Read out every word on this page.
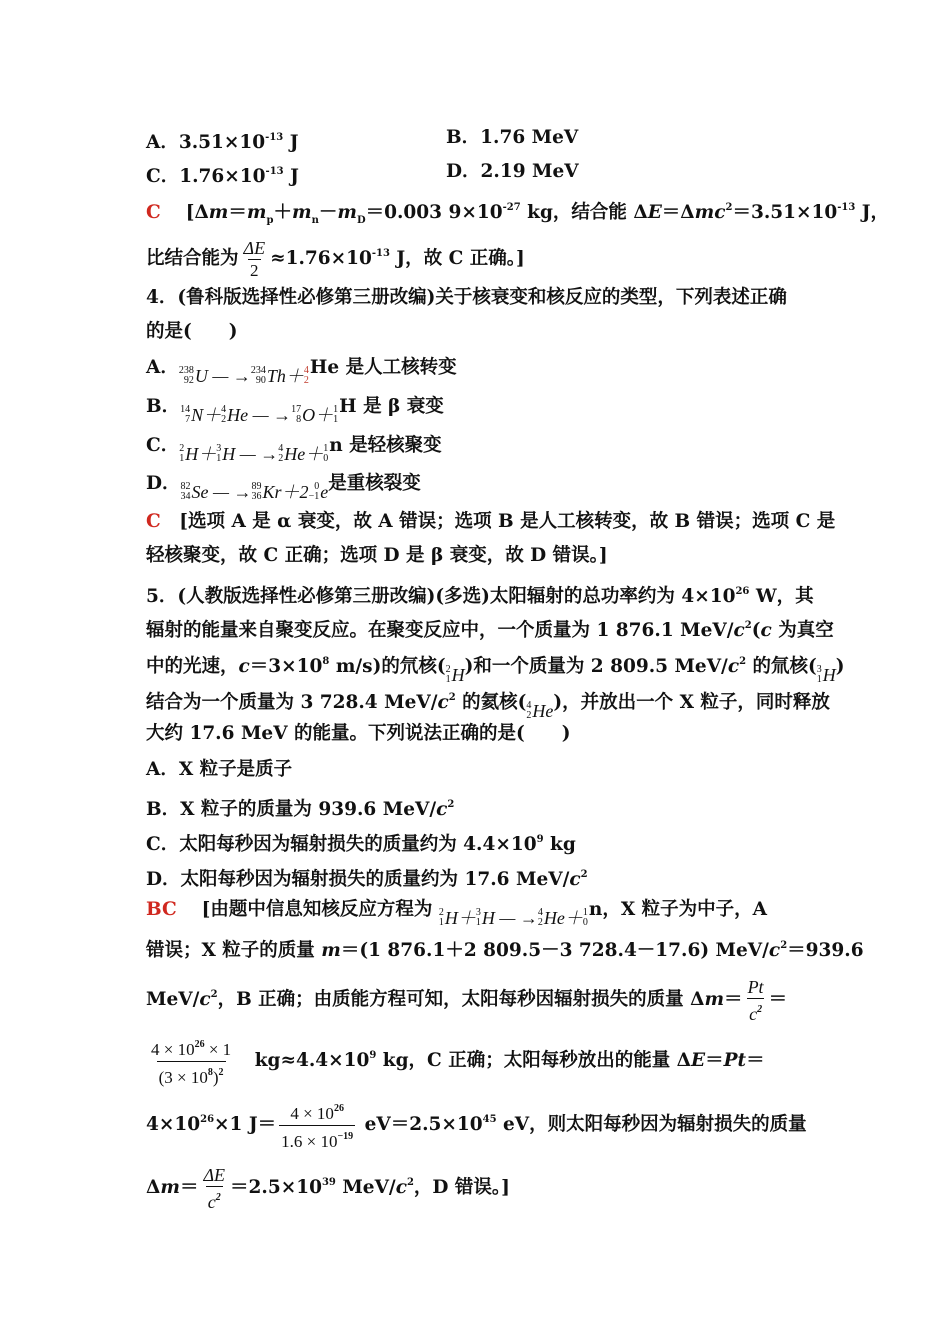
A．$3.51\times 10^{-13}$ J	B．1.76 MeV
C．$1.76\times 10^{-13}$ J	D．2.19 MeV
C 　[$\Delta m=m_p+m_n-m_D=0.003$ $9\times 10^{-27}$ kg，结合能 $\Delta E=\Delta mc^2=3.51\times 10^{-13}$ J，
比结合能为 $\frac{\Delta E}{2} \approx 1.76\times 10^{-13}$ J，故 C 正确。]
4．(鲁科版选择性必修第三册改编)关于核衰变和核反应的类型，下列表述正确
的是(　　)
A． 238
92 U — → 234
90 Th＋ 4
2
He 是人工核转变
B． 14
7 N＋ 4
2 He — → 17
8 O＋ 1
1
H 是 β 衰变
C． 2
1 H＋ 3
1 H — → 4
2 He＋ 1
0
n 是轻核聚变
D． 82
34 Se — → 89
36 Kr＋2 0
−1 e是重核裂变
C　 [选项 A 是 α 衰变，故 A 错误；选项 B 是人工核转变，故 B 错误；选项 C 是
轻核聚变，故 C 正确；选项 D 是 β 衰变，故 D 错误。]
5．(人教版选择性必修第三册改编)(多选)太阳辐射的总功率约为 $4\times 10^{26}$ W，其
辐射的能量来自聚变反应。在聚变反应中，一个质量为 1 876.1 MeV/$c^2(c$ 为真空
中的光速，$c=3\times 10^8$ m/s)的氘核( 2
1 H)和一个质量为 2 809.5 MeV/$c^2$ 的氚核( 3
1 H)
结合为一个质量为 3 728.4 MeV/$c^2$ 的氦核( 4
2 He)，并放出一个 X 粒子，同时释放
大约 17.6 MeV 的能量。下列说法正确的是(　　)
A．X 粒子是质子
B．X 粒子的质量为 939.6 MeV/$c^2$
C．太阳每秒因为辐射损失的质量约为 $4.4\times 10^9$ kg
D．太阳每秒因为辐射损失的质量约为 17.6 MeV/$c^2$
BC 　[由题中信息知核反应方程为 2
1 H＋ 3
1 H — → 4
2 He＋ 1
0
n，X 粒子为中子，A
错误；X 粒子的质量 m＝(1 876.1＋2 809.5－3 728.4－17.6) MeV/$c^2=939.6$
MeV/$c^2$，B 正确；由质能方程可知，太阳每秒因辐射损失的质量 $\Delta m= \frac{Pt}{c^2}$ ＝
$\frac{4 \times 10^{26} \times 1}{(3 \times 10^8)^2}$ 　$kg\approx 4.4\times 10^9$ kg，C 正确；太阳每秒放出的能量 ΔE＝Pt＝
$4\times 10^{26}\times 1$ $J= \frac{4 \times 10^{26}}{1.6 \times 10^{-19}} eV=2.5\times 10^{45}$ eV，则太阳每秒因为辐射损失的质量
$\Delta m= \frac{\Delta E}{c^2} =2.5\times 10^{39}$ MeV/$c^2$，D 错误。]
